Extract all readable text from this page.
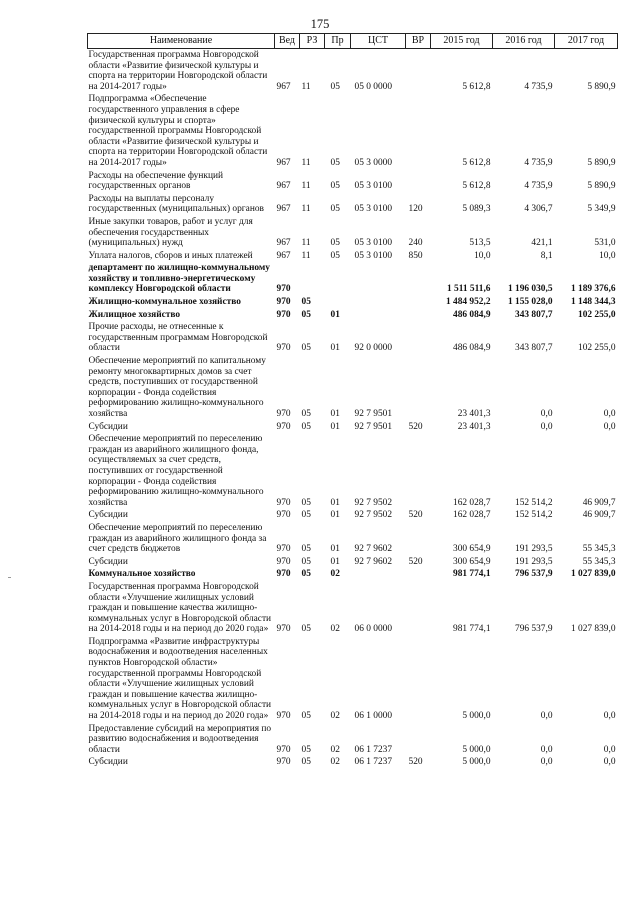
175
Наименование	Вед	РЗ	Пр	ЦСТ	ВР	2015 год	2016 год	2017 год
Государственная программа Новгородской области «Развитие физической культуры и спорта на территории Новгородской области на 2014-2017 годы»	967	11	05	05 0 0000		5 612,8	4 735,9	5 890,9
Подпрограмма «Обеспечение государственного управления в сфере физической культуры и спорта» государственной программы Новгородской области «Развитие физической культуры и спорта на территории Новгородской области на 2014-2017 годы»	967	11	05	05 3 0000		5 612,8	4 735,9	5 890,9
Расходы на обеспечение функций государственных органов	967	11	05	05 3 0100		5 612,8	4 735,9	5 890,9
Расходы на выплаты персоналу государственных (муниципальных) органов	967	11	05	05 3 0100	120	5 089,3	4 306,7	5 349,9
Иные закупки товаров, работ и услуг для обеспечения государственных (муниципальных) нужд	967	11	05	05 3 0100	240	513,5	421,1	531,0
Уплата налогов, сборов и иных платежей	967	11	05	05 3 0100	850	10,0	8,1	10,0
департамент по жилищно-коммунальному хозяйству и топливно-энергетическому комплексу Новгородской области	970					1 511 511,6	1 196 030,5	1 189 376,6
Жилищно-коммунальное хозяйство	970	05				1 484 952,2	1 155 028,0	1 148 344,3
Жилищное хозяйство	970	05	01			486 084,9	343 807,7	102 255,0
Прочие расходы, не отнесенные к государственным программам Новгородской области	970	05	01	92 0 0000		486 084,9	343 807,7	102 255,0
Обеспечение мероприятий по капитальному ремонту многоквартирных домов за счет средств, поступивших от государственной корпорации - Фонда содействия реформированию жилищно-коммунального хозяйства	970	05	01	92 7 9501		23 401,3	0,0	0,0
Субсидии	970	05	01	92 7 9501	520	23 401,3	0,0	0,0
Обеспечение мероприятий по переселению граждан из аварийного жилищного фонда, осуществляемых за счет средств, поступивших от государственной корпорации - Фонда содействия реформированию жилищно-коммунального хозяйства	970	05	01	92 7 9502		162 028,7	152 514,2	46 909,7
Субсидии	970	05	01	92 7 9502	520	162 028,7	152 514,2	46 909,7
Обеспечение мероприятий по переселению граждан из аварийного жилищного фонда за счет средств бюджетов	970	05	01	92 7 9602		300 654,9	191 293,5	55 345,3
Субсидии	970	05	01	92 7 9602	520	300 654,9	191 293,5	55 345,3
Коммунальное хозяйство	970	05	02			981 774,1	796 537,9	1 027 839,0
Государственная программа Новгородской области «Улучшение жилищных условий граждан и повышение качества жилищно-коммунальных услуг в Новгородской области на 2014-2018 годы и на период до 2020 года»	970	05	02	06 0 0000		981 774,1	796 537,9	1 027 839,0
Подпрограмма «Развитие инфраструктуры водоснабжения и водоотведения населенных пунктов Новгородской области» государственной программы Новгородской области «Улучшение жилищных условий граждан и повышение качества жилищно-коммунальных услуг в Новгородской области на 2014-2018 годы и на период до 2020 года»	970	05	02	06 1 0000		5 000,0	0,0	0,0
Предоставление субсидий на мероприятия по развитию водоснабжения и водоотведения области	970	05	02	06 1 7237		5 000,0	0,0	0,0
Субсидии	970	05	02	06 1 7237	520	5 000,0	0,0	0,0
